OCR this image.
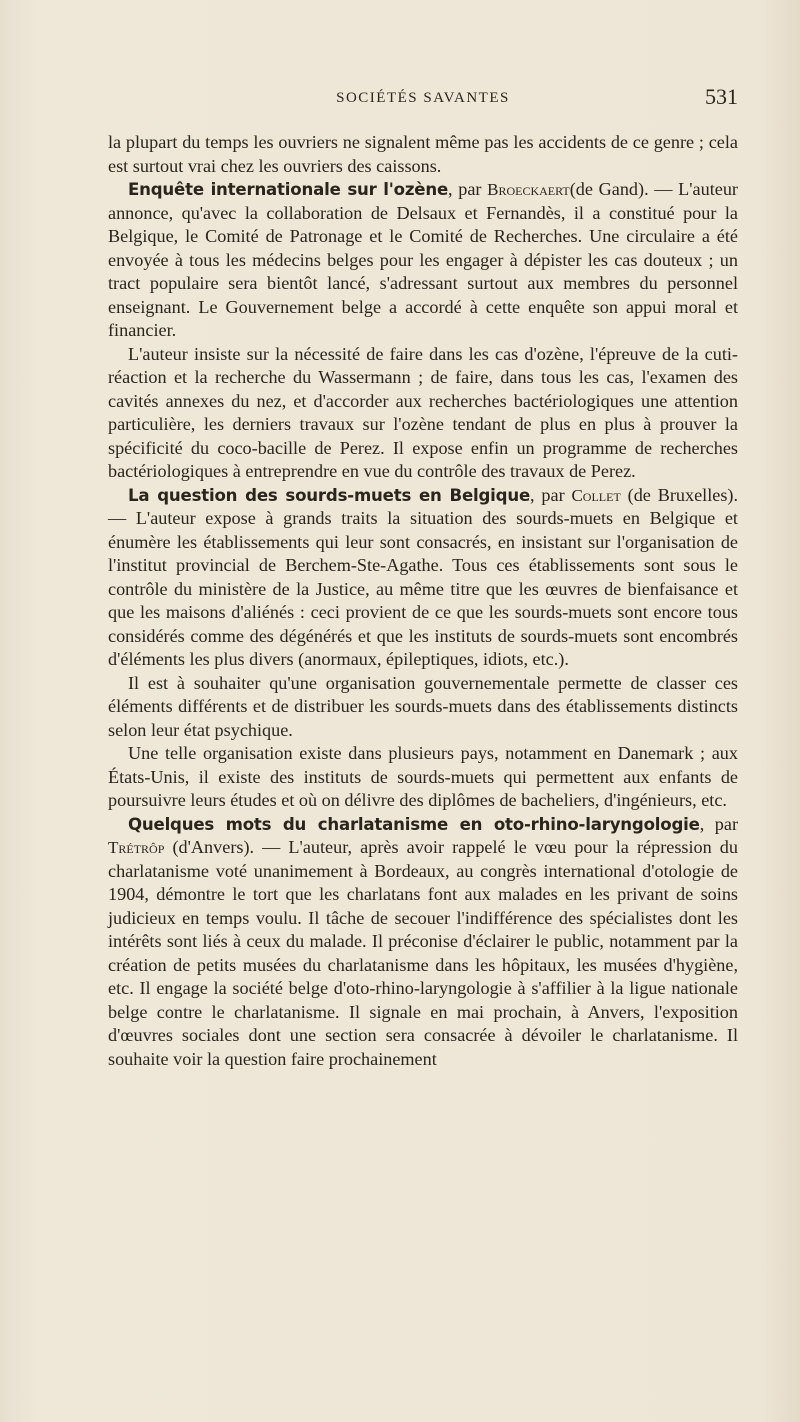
SOCIÉTÉS SAVANTES	531

la plupart du temps les ouvriers ne signalent même pas les accidents de ce genre ; cela est surtout vrai chez les ouvriers des caissons.

Enquête internationale sur l'ozène, par Broeckaert(de Gand). — L'auteur annonce, qu'avec la collaboration de Delsaux et Fernandès, il a constitué pour la Belgique, le Comité de Patronage et le Comité de Recherches. Une circulaire a été envoyée à tous les médecins belges pour les engager à dépister les cas douteux ; un tract populaire sera bientôt lancé, s'adressant surtout aux membres du personnel enseignant. Le Gouvernement belge a accordé à cette enquête son appui moral et financier.

L'auteur insiste sur la nécessité de faire dans les cas d'ozène, l'épreuve de la cuti-réaction et la recherche du Wassermann ; de faire, dans tous les cas, l'examen des cavités annexes du nez, et d'accorder aux recherches bactériologiques une attention particulière, les derniers travaux sur l'ozène tendant de plus en plus à prouver la spécificité du coco-bacille de Perez. Il expose enfin un programme de recherches bactériologiques à entreprendre en vue du contrôle des travaux de Perez.

La question des sourds-muets en Belgique, par Collet (de Bruxelles). — L'auteur expose à grands traits la situation des sourds-muets en Belgique et énumère les établissements qui leur sont consacrés, en insistant sur l'organisation de l'institut provincial de Berchem-Ste-Agathe. Tous ces établissements sont sous le contrôle du ministère de la Justice, au même titre que les œuvres de bienfaisance et que les maisons d'aliénés : ceci provient de ce que les sourds-muets sont encore tous considérés comme des dégénérés et que les instituts de sourds-muets sont encombrés d'éléments les plus divers (anormaux, épileptiques, idiots, etc.).

Il est à souhaiter qu'une organisation gouvernementale permette de classer ces éléments différents et de distribuer les sourds-muets dans des établissements distincts selon leur état psychique.

Une telle organisation existe dans plusieurs pays, notamment en Danemark ; aux États-Unis, il existe des instituts de sourds-muets qui permettent aux enfants de poursuivre leurs études et où on délivre des diplômes de bacheliers, d'ingénieurs, etc.

Quelques mots du charlatanisme en oto-rhino-laryngologie, par Trétrôp (d'Anvers). — L'auteur, après avoir rappelé le vœu pour la répression du charlatanisme voté unanimement à Bordeaux, au congrès international d'otologie de 1904, démontre le tort que les charlatans font aux malades en les privant de soins judicieux en temps voulu. Il tâche de secouer l'indifférence des spécialistes dont les intérêts sont liés à ceux du malade. Il préconise d'éclairer le public, notamment par la création de petits musées du charlatanisme dans les hôpitaux, les musées d'hygiène, etc. Il engage la société belge d'oto-rhino-laryngologie à s'affilier à la ligue nationale belge contre le charlatanisme. Il signale en mai prochain, à Anvers, l'exposition d'œuvres sociales dont une section sera consacrée à dévoiler le charlatanisme. Il souhaite voir la question faire prochainement
